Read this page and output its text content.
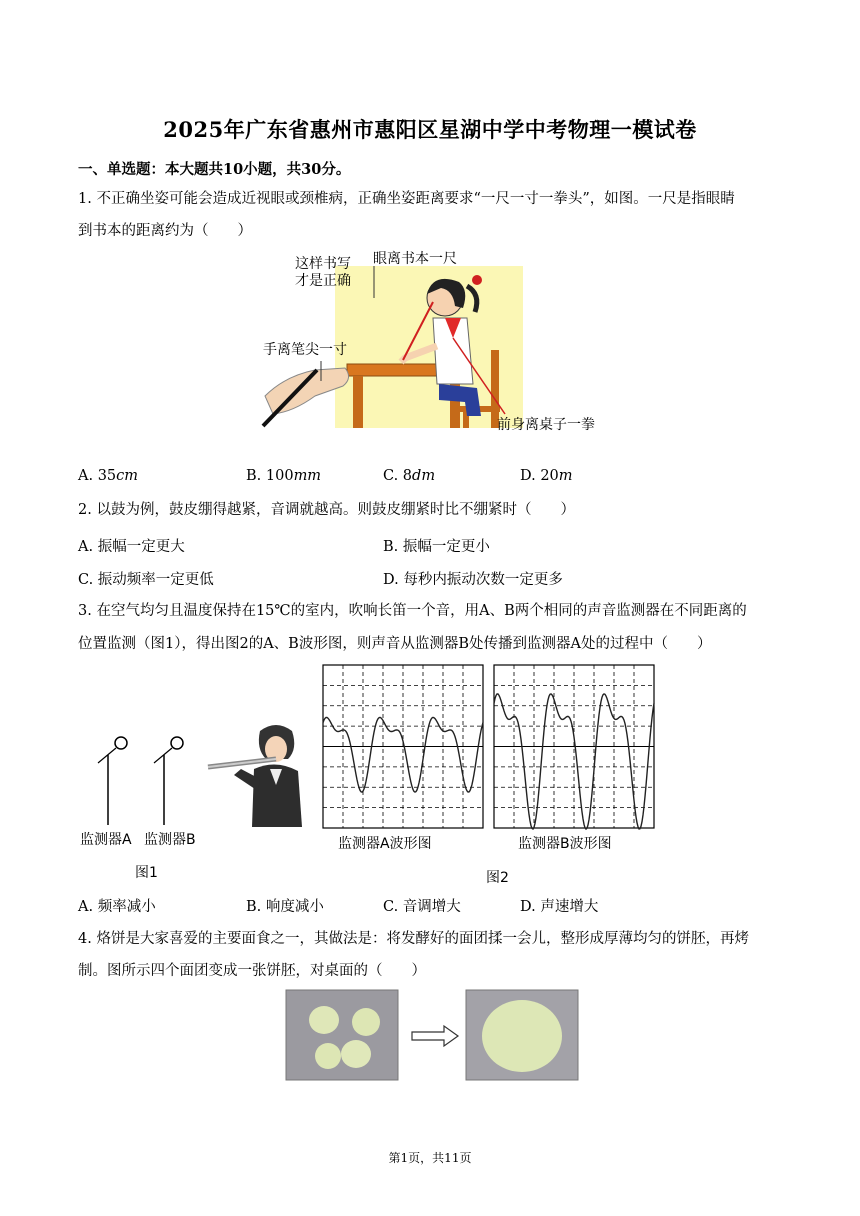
2025年广东省惠州市惠阳区星湖中学中考物理一模试卷
一、单选题：本大题共10小题，共30分。
1. 不正确坐姿可能会造成近视眼或颈椎病，正确坐姿距离要求“一尺一寸一拳头”，如图。一尺是指眼睛
到书本的距离约为（　　）
这样书写
才是正确
眼离书本一尺
手离笔尖一寸
前身离桌子一拳
A. 35cm	B. 100mm	C. 8dm	D. 20m
2. 以鼓为例，鼓皮绷得越紧，音调就越高。则鼓皮绷紧时比不绷紧时（　　）
A. 振幅一定更大	B. 振幅一定更小
C. 振动频率一定更低	D. 每秒内振动次数一定更多
3. 在空气均匀且温度保持在15℃的室内，吹响长笛一个音，用A、B两个相同的声音监测器在不同距离的
位置监测（图1），得出图2的A、B波形图，则声音从监测器B处传播到监测器A处的过程中（　　）
监测器A 监测器B
图1
监测器A波形图	监测器B波形图
图2
A. 频率减小	B. 响度减小	C. 音调增大	D. 声速增大
4. 烙饼是大家喜爱的主要面食之一，其做法是：将发酵好的面团揉一会儿，整形成厚薄均匀的饼胚，再烤
制。图所示四个面团变成一张饼胚，对桌面的（　　）
第1页，共11页
